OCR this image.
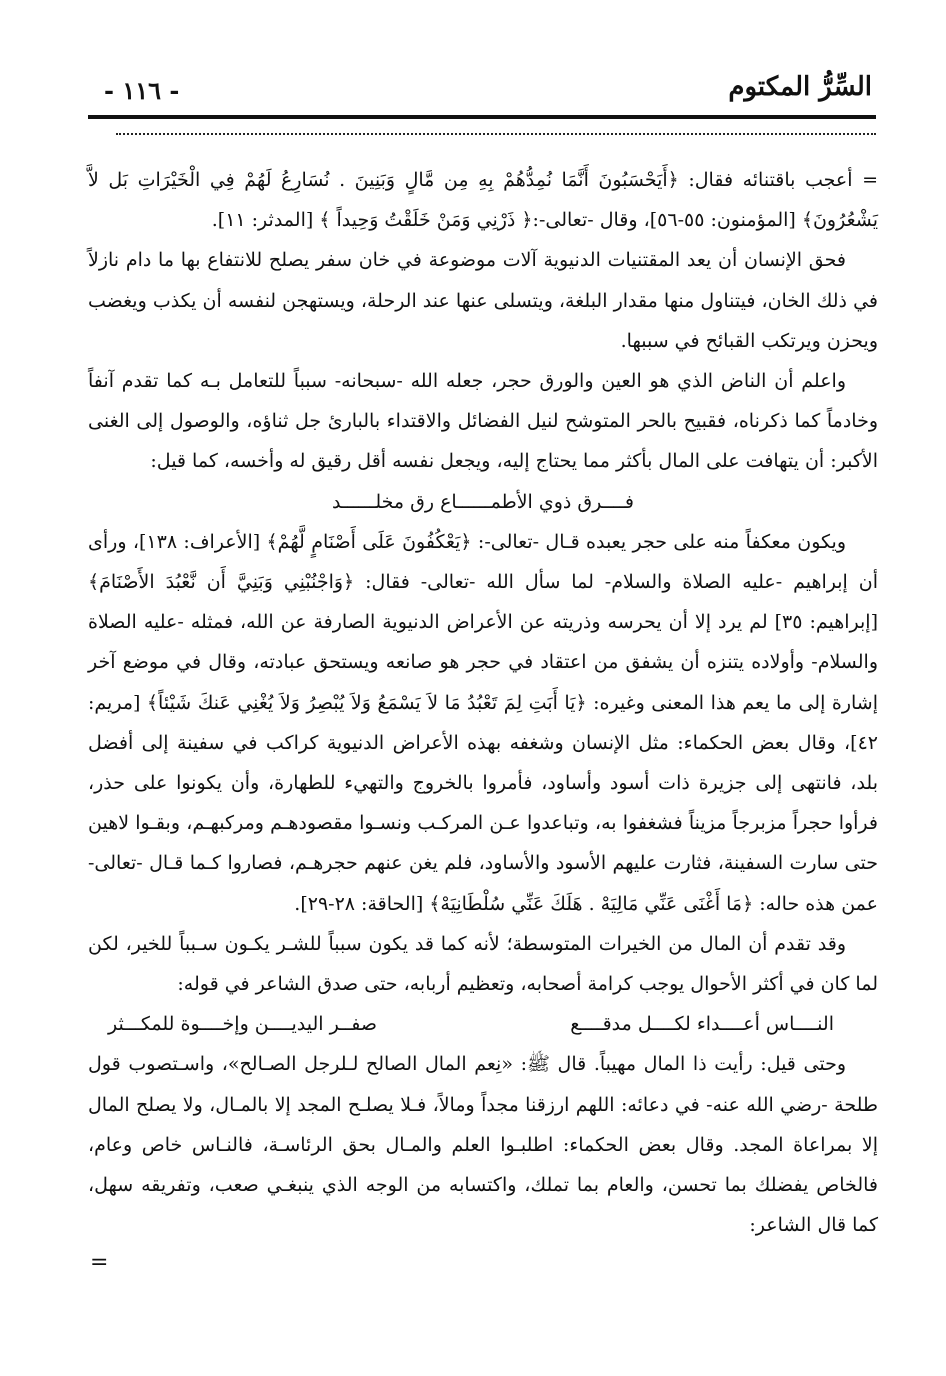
السِّرُّ المكتوم
- ١١٦ -

= أعجب باقتنائه فقال: ﴿أَيَحْسَبُونَ أَنَّمَا نُمِدُّهُمْ بِهِ مِن مَّالٍ وَبَنِينَ . نُسَارِعُ لَهُمْ فِي الْخَيْرَاتِ بَل لاَّ يَشْعُرُونَ﴾ [المؤمنون: ٥٥-٥٦]، وقال -تعالى-:﴿ ذَرْنِي وَمَنْ خَلَقْتُ وَحِيداً ﴾ [المدثر: ١١].

فحق الإنسان أن يعد المقتنيات الدنيوية آلات موضوعة في خان سفر يصلح للانتفاع بها ما دام نازلاً في ذلك الخان، فيتناول منها مقدار البلغة، ويتسلى عنها عند الرحلة، ويستهجن لنفسه أن يكذب ويغضب ويحزن ويرتكب القبائح في سببها.

واعلم أن الناض الذي هو العين والورق حجر، جعله الله -سبحانه- سبباً للتعامل بـه كما تقدم آنفاً وخادماً كما ذكرناه، فقبيح بالحر المتوشح لنيل الفضائل والاقتداء بالبارئ جل ثناؤه، والوصول إلى الغنى الأكبر: أن يتهافت على المال بأكثر مما يحتاج إليه، ويجعل نفسه أقل رقيق له وأخسه، كما قيل:

فــــرق ذوي الأطمــــــاع رق مخلــــــد

ويكون معكفاً منه على حجر يعبده قـال -تعالى-: ﴿يَعْكُفُونَ عَلَى أَصْنَامٍ لَّهُمْ﴾ [الأعراف: ١٣٨]، ورأى أن إبراهيم -عليه الصلاة والسلام- لما سأل الله -تعالى- فقال: ﴿وَاجْنُبْنِي وَبَنِيَّ أَن نَّعْبُدَ الأَصْنَامَ﴾ [إبراهيم: ٣٥] لم يرد إلا أن يحرسه وذريته عن الأعراض الدنيوية الصارفة عن الله، فمثله -عليه الصلاة والسلام- وأولاده يتنزه أن يشفق من اعتقاد في حجر هو صانعه ويستحق عبادته، وقال في موضع آخر إشارة إلى ما يعم هذا المعنى وغيره: ﴿يَا أَبَتِ لِمَ تَعْبُدُ مَا لاَ يَسْمَعُ وَلاَ يُبْصِرُ وَلاَ يُغْنِي عَنكَ شَيْئاً﴾ [مريم: ٤٢]، وقال بعض الحكماء: مثل الإنسان وشغفه بهذه الأعراض الدنيوية كراكب في سفينة إلى أفضل بلد، فانتهى إلى جزيرة ذات أسود وأساود، فأمروا بالخروج والتهيء للطهارة، وأن يكونوا على حذر، فرأوا حجراً مزبرجاً مزيناً فشغفوا به، وتباعدوا عـن المركـب ونسـوا مقصودهـم ومركبهـم، وبقـوا لاهين حتى سارت السفينة، فثارت عليهم الأسود والأساود، فلم يغن عنهم حجرهـم، فصاروا كـما قـال -تعالى- عمن هذه حاله: ﴿مَا أَغْنَى عَنِّي مَالِيَهْ . هَلَكَ عَنِّي سُلْطَانِيَهْ﴾ [الحاقة: ٢٨-٢٩].

وقد تقدم أن المال من الخيرات المتوسطة؛ لأنه كما قد يكون سبباً للشـر يكـون سـبباً للخير، لكن لما كان في أكثر الأحوال يوجب كرامة أصحابه، وتعظيم أربابه، حتى صدق الشاعر في قوله:

النــــاس أعــــداء لكــــل مدقــــع
صفــر اليديــــن وإخــــوة للمكـــثر

وحتى قيل: رأيت ذا المال مهيباً. قال ﷺ: «نِعم المال الصالح لـلرجل الصـالح»، واسـتصوب قول طلحة -رضي الله عنه- في دعائه: اللهم ارزقنا مجداً ومالاً، فـلا يصلـح المجد إلا بالمـال، ولا يصلح المال إلا بمراعاة المجد. وقال بعض الحكماء: اطلبـوا العلم والمـال بحق الرئاسـة، فالنـاس خاص وعام، فالخاص يفضلك بما تحسن، والعام بما تملك، واكتسابه من الوجه الذي ينبغـي صعب، وتفريقه سهل، كما قال الشاعر:

=
